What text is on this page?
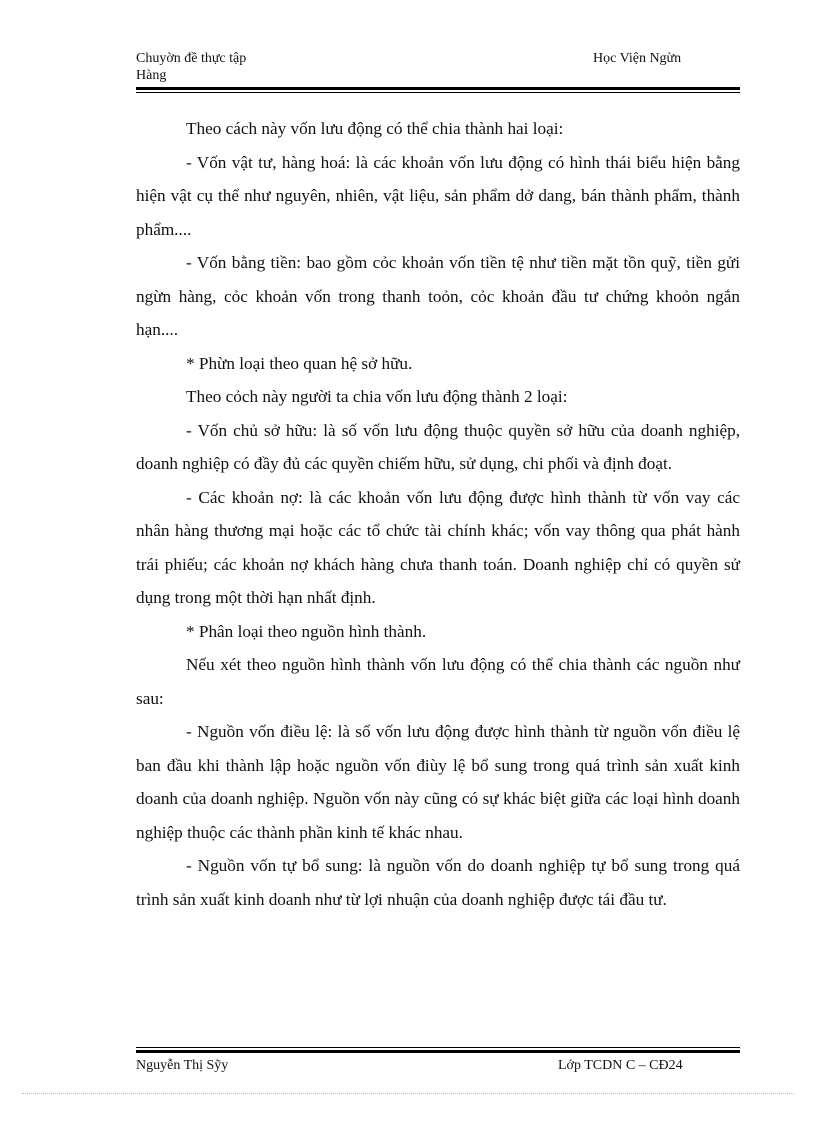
Chuyờn đề thực tập
Hàng
Học Viện Ngừn

Theo cách này vốn lưu động có thể chia thành hai loại:

- Vốn vật tư, hàng hoá: là các khoản vốn lưu động có hình thái biểu hiện bằng hiện vật cụ thể như nguyên, nhiên, vật liệu, sản phẩm dở dang, bán thành phẩm, thành phẩm....

- Vốn bằng tiền: bao gồm cỏc khoản vốn tiền tệ như tiền mặt tồn quỹ, tiền gửi ngừn hàng, cỏc khoản vốn trong thanh toỏn, cỏc khoản đầu tư chứng khoỏn ngắn hạn....

* Phừn loại theo quan hệ sở hữu.

Theo cỏch này người ta chia vốn lưu động thành 2 loại:

- Vốn chủ sở hữu: là số vốn lưu động thuộc quyền sở hữu của doanh nghiệp, doanh nghiệp có đầy đủ các quyền chiếm hữu, sử dụng, chi phối và định đoạt.

- Các khoản nợ: là các khoản vốn lưu động được hình thành từ vốn vay các nhân hàng thương mại hoặc các tổ chức tài chính khác; vốn vay thông qua phát hành trái phiếu; các khoản nợ khách hàng chưa thanh toán. Doanh nghiệp chỉ có quyền sử dụng trong một thời hạn nhất định.

* Phân loại theo nguồn hình thành.

Nếu xét theo nguồn hình thành vốn lưu động có thể chia thành các nguồn như sau:

- Nguồn vốn điều lệ: là số vốn lưu động được hình thành từ nguồn vốn điều lệ ban đầu khi thành lập hoặc nguồn vốn điùy lệ bổ sung trong quá trình sản xuất kinh doanh của doanh nghiệp. Nguồn vốn này cũng có sự khác biệt giữa các loại hình doanh nghiệp thuộc các thành phần kinh tế khác nhau.

- Nguồn vốn tự bổ sung: là nguồn vốn do doanh nghiệp tự bổ sung trong quá trình sản xuất kinh doanh như từ lợi nhuận của doanh nghiệp được tái đầu tư.

Nguyễn Thị Sỹy	Lớp TCDN C – CĐ24
